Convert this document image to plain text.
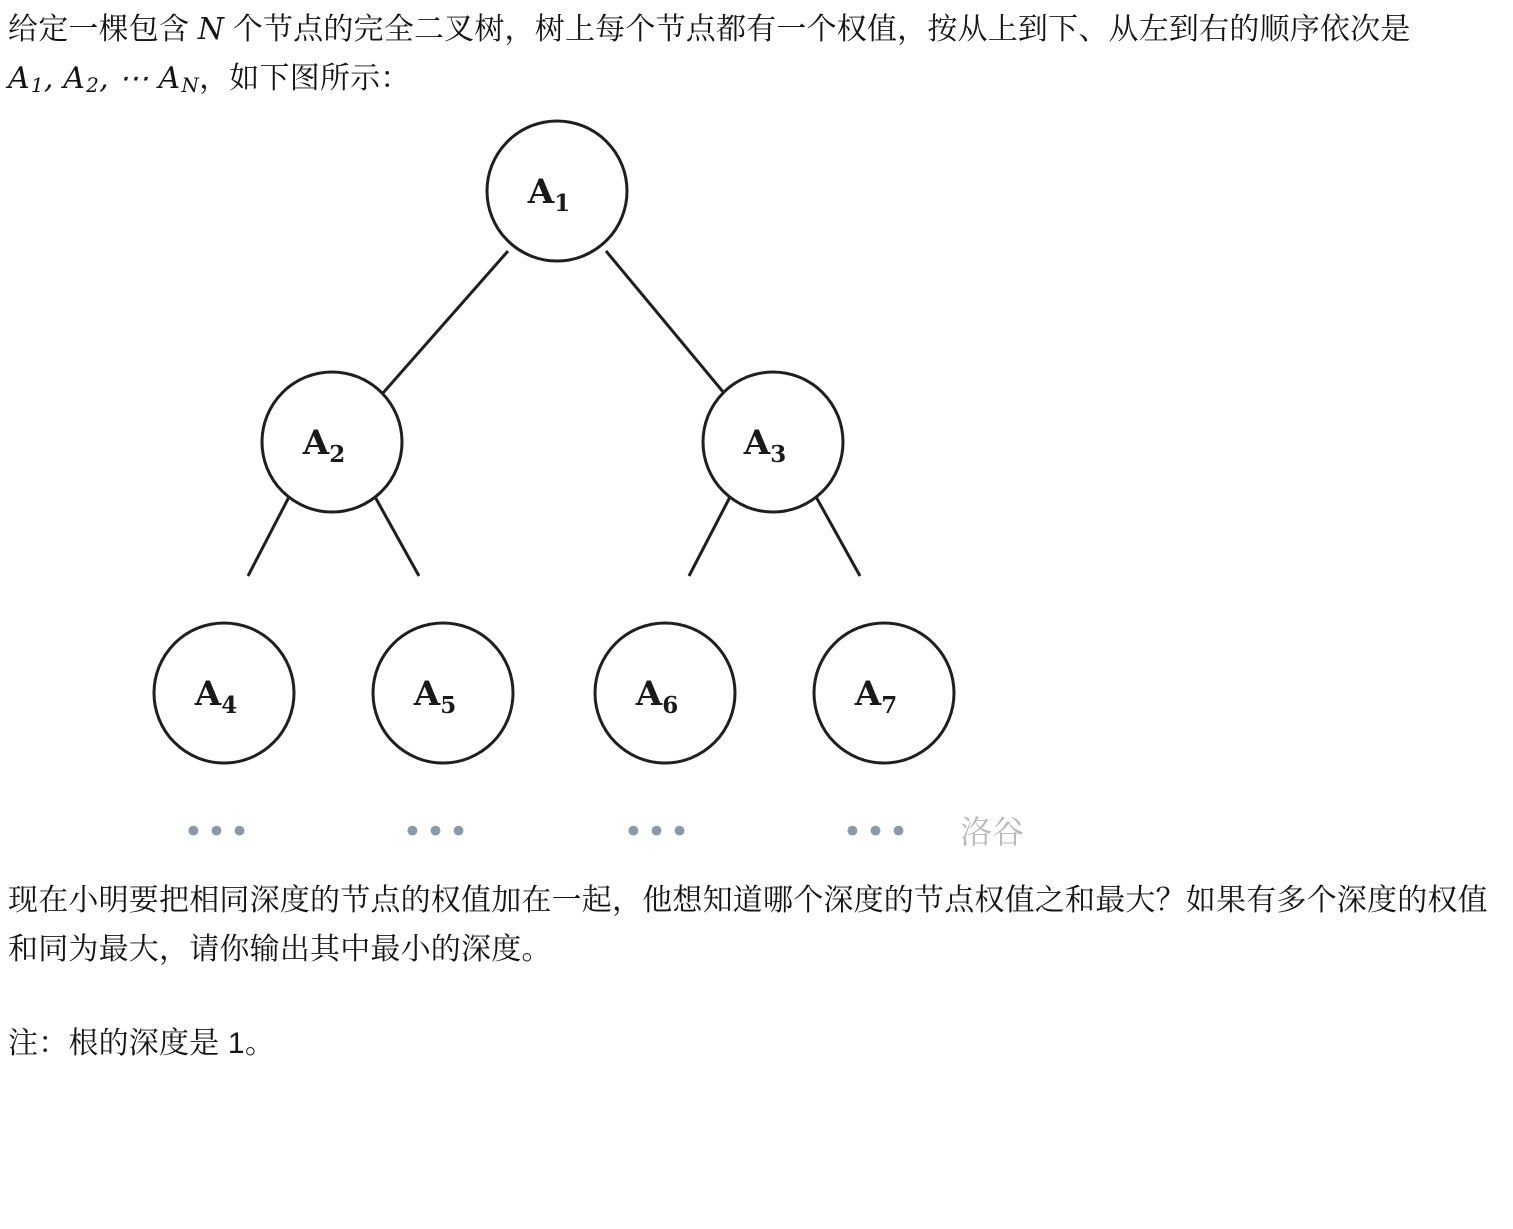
给定一棵包含 N 个节点的完全二叉树，树上每个节点都有一个权值，按从上到下、从左到右的顺序依次是 $A_1$, $A_2$, ⋯ $A_N$，如下图所示：

$A_1$
$A_2$	$A_3$
$A_4$	$A_5$	$A_6$	$A_7$
•••	•••	•••	••• 洛谷

现在小明要把相同深度的节点的权值加在一起，他想知道哪个深度的节点权值之和最大？如果有多个深度的权值和同为最大，请你输出其中最小的深度。

注：根的深度是 1。
